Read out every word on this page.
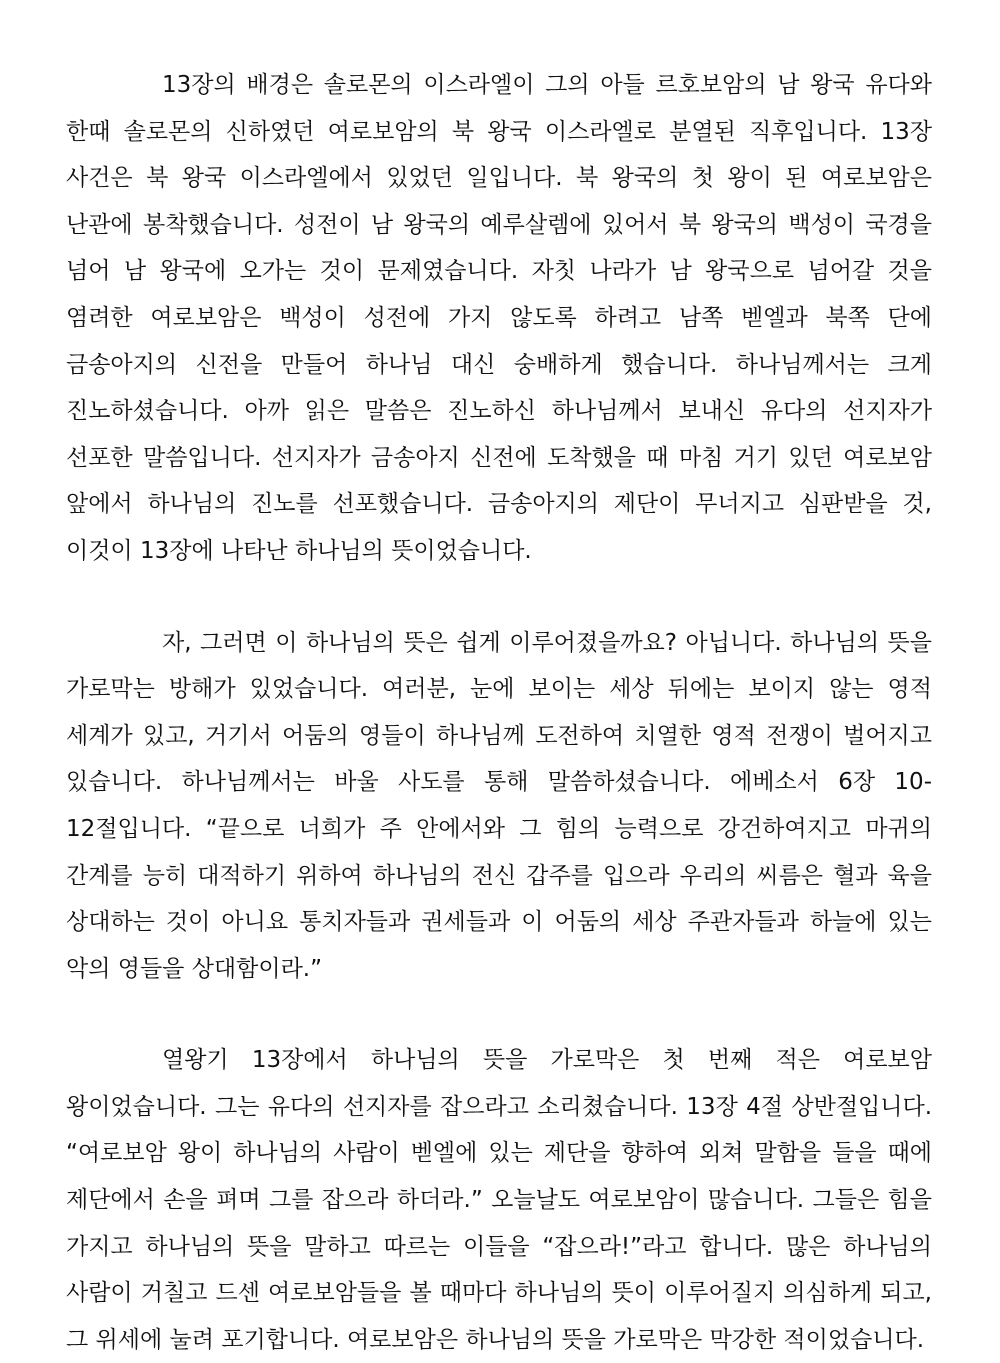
13장의 배경은 솔로몬의 이스라엘이 그의 아들 르호보암의 남 왕국 유다와 한때 솔로몬의 신하였던 여로보암의 북 왕국 이스라엘로 분열된 직후입니다. 13장 사건은 북 왕국 이스라엘에서 있었던 일입니다. 북 왕국의 첫 왕이 된 여로보암은 난관에 봉착했습니다. 성전이 남 왕국의 예루살렘에 있어서 북 왕국의 백성이 국경을 넘어 남 왕국에 오가는 것이 문제였습니다. 자칫 나라가 남 왕국으로 넘어갈 것을 염려한 여로보암은 백성이 성전에 가지 않도록 하려고 남쪽 벧엘과 북쪽 단에 금송아지의 신전을 만들어 하나님 대신 숭배하게 했습니다. 하나님께서는 크게 진노하셨습니다. 아까 읽은 말씀은 진노하신 하나님께서 보내신 유다의 선지자가 선포한 말씀입니다. 선지자가 금송아지 신전에 도착했을 때 마침 거기 있던 여로보암 앞에서 하나님의 진노를 선포했습니다. 금송아지의 제단이 무너지고 심판받을 것, 이것이 13장에 나타난 하나님의 뜻이었습니다.

자, 그러면 이 하나님의 뜻은 쉽게 이루어졌을까요? 아닙니다. 하나님의 뜻을 가로막는 방해가 있었습니다. 여러분, 눈에 보이는 세상 뒤에는 보이지 않는 영적 세계가 있고, 거기서 어둠의 영들이 하나님께 도전하여 치열한 영적 전쟁이 벌어지고 있습니다. 하나님께서는 바울 사도를 통해 말씀하셨습니다. 에베소서 6장 10-12절입니다. “끝으로 너희가 주 안에서와 그 힘의 능력으로 강건하여지고 마귀의 간계를 능히 대적하기 위하여 하나님의 전신 갑주를 입으라 우리의 씨름은 혈과 육을 상대하는 것이 아니요 통치자들과 권세들과 이 어둠의 세상 주관자들과 하늘에 있는 악의 영들을 상대함이라.”

열왕기 13장에서 하나님의 뜻을 가로막은 첫 번째 적은 여로보암 왕이었습니다. 그는 유다의 선지자를 잡으라고 소리쳤습니다. 13장 4절 상반절입니다. “여로보암 왕이 하나님의 사람이 벧엘에 있는 제단을 향하여 외쳐 말함을 들을 때에 제단에서 손을 펴며 그를 잡으라 하더라.” 오늘날도 여로보암이 많습니다. 그들은 힘을 가지고 하나님의 뜻을 말하고 따르는 이들을 “잡으라!”라고 합니다. 많은 하나님의 사람이 거칠고 드센 여로보암들을 볼 때마다 하나님의 뜻이 이루어질지 의심하게 되고, 그 위세에 눌려 포기합니다. 여로보암은 하나님의 뜻을 가로막은 막강한 적이었습니다.
